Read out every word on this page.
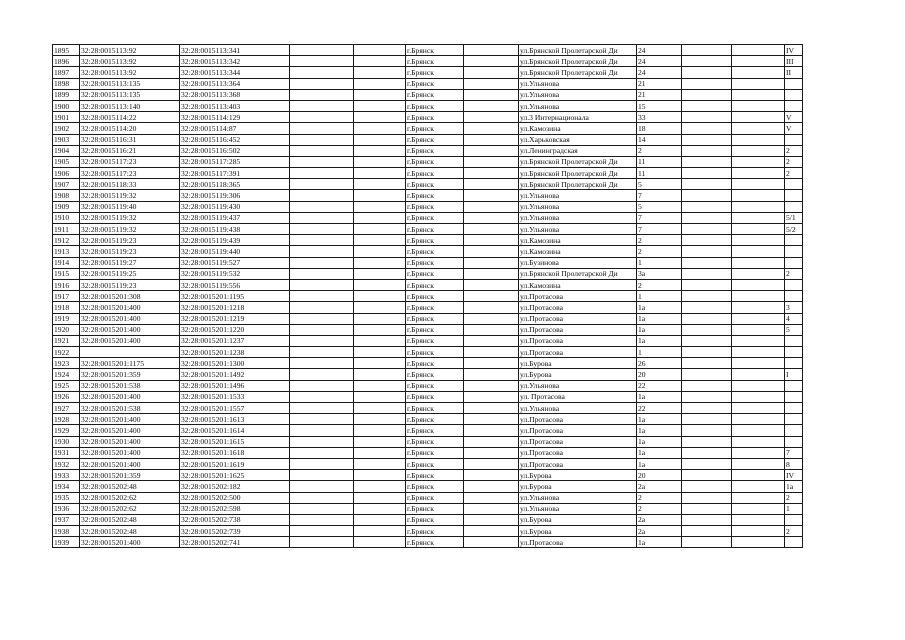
1895	32:28:0015113:92	32:28:0015113:341			г.Брянск		ул.Брянской Пролетарской Ди	24			IV
1896	32:28:0015113:92	32:28:0015113:342			г.Брянск		ул.Брянской Пролетарской Ди	24			III
1897	32:28:0015113:92	32:28:0015113:344			г.Брянск		ул.Брянской Пролетарской Ди	24			II
1898	32:28:0015113:135	32:28:0015113:364			г.Брянск		ул.Ульянова	21			
1899	32:28:0015113:135	32:28:0015113:368			г.Брянск		ул.Ульянова	21			
1900	32:28:0015113:140	32:28:0015113:403			г.Брянск		ул.Ульянова	15			
1901	32:28:0015114:22	32:28:0015114:129			г.Брянск		ул.3 Интернационала	33			V
1902	32:28:0015114:20	32:28:0015114:87			г.Брянск		ул.Камозина	18			V
1903	32:28:0015116:31	32:28:0015116:452			г.Брянск		ул.Харьковская	14			
1904	32:28:0015116:21	32:28:0015116:502			г.Брянск		ул.Ленинградская	2			2
1905	32:28:0015117:23	32:28:0015117:285			г.Брянск		ул.Брянской Пролетарской Ди	11			2
1906	32:28:0015117:23	32:28:0015117:391			г.Брянск		ул.Брянской Пролетарской Ди	11			2
1907	32:28:0015118:33	32:28:0015118:365			г.Брянск		ул.Брянской Пролетарской Ди	5			
1908	32:28:0015119:32	32:28:0015119:306			г.Брянск		ул.Ульянова	7			
1909	32:28:0015119:40	32:28:0015119:430			г.Брянск		ул.Ульянова	5			
1910	32:28:0015119:32	32:28:0015119:437			г.Брянск		ул.Ульянова	7			5/1
1911	32:28:0015119:32	32:28:0015119:438			г.Брянск		ул.Ульянова	7			5/2
1912	32:28:0015119:23	32:28:0015119:439			г.Брянск		ул.Камозина	2			
1913	32:28:0015119:23	32:28:0015119:440			г.Брянск		ул.Камозина	2			
1914	32:28:0015119:27	32:28:0015119:527			г.Брянск		ул.Бузинова	1			
1915	32:28:0015119:25	32:28:0015119:532			г.Брянск		ул.Брянской Пролетарской Ди	3а			2
1916	32:28:0015119:23	32:28:0015119:556			г.Брянск		ул.Камозина	2			
1917	32:28:0015201:308	32:28:0015201:1195			г.Брянск		ул.Протасова	1			
1918	32:28:0015201:400	32:28:0015201:1218			г.Брянск		ул.Протасова	1а			3
1919	32:28:0015201:400	32:28:0015201:1219			г.Брянск		ул.Протасова	1а			4
1920	32:28:0015201:400	32:28:0015201:1220			г.Брянск		ул.Протасова	1а			5
1921	32:28:0015201:400	32:28:0015201:1237			г.Брянск		ул.Протасова	1а			
1922		32:28:0015201:1238			г.Брянск		ул.Протасова	1			
1923	32:28:0015201:1175	32:28:0015201:1300			г.Брянск		ул.Бурова	26			
1924	32:28:0015201:359	32:28:0015201:1492			г.Брянск		ул.Бурова	20			I
1925	32:28:0015201:538	32:28:0015201:1496			г.Брянск		ул.Ульянова	22			
1926	32:28:0015201:400	32:28:0015201:1533			г.Брянск		ул. Протасова	1а			
1927	32:28:0015201:538	32:28:0015201:1557			г.Брянск		ул.Ульянова	22			
1928	32:28:0015201:400	32:28:0015201:1613			г.Брянск		ул.Протасова	1а			
1929	32:28:0015201:400	32:28:0015201:1614			г.Брянск		ул.Протасова	1а			
1930	32:28:0015201:400	32:28:0015201:1615			г.Брянск		ул.Протасова	1а			
1931	32:28:0015201:400	32:28:0015201:1618			г.Брянск		ул.Протасова	1а			7
1932	32:28:0015201:400	32:28:0015201:1619			г.Брянск		ул.Протасова	1а			8
1933	32:28:0015201:359	32:28:0015201:1625			г.Брянск		ул.Бурова	20			IV
1934	32:28:0015202:48	32:28:0015202:182			г.Брянск		ул.Бурова	2а			1а
1935	32:28:0015202:62	32:28:0015202:500			г.Брянск		ул.Ульянова	2			2
1936	32:28:0015202:62	32:28:0015202:598			г.Брянск		ул.Ульянова	2			1
1937	32:28:0015202:48	32:28:0015202:738			г.Брянск		ул.Бурова	2а			
1938	32:28:0015202:48	32:28:0015202:739			г.Брянск		ул.Бурова	2а			2
1939	32:28:0015201:400	32:28:0015202:741			г.Брянск		ул.Протасова	1а			
